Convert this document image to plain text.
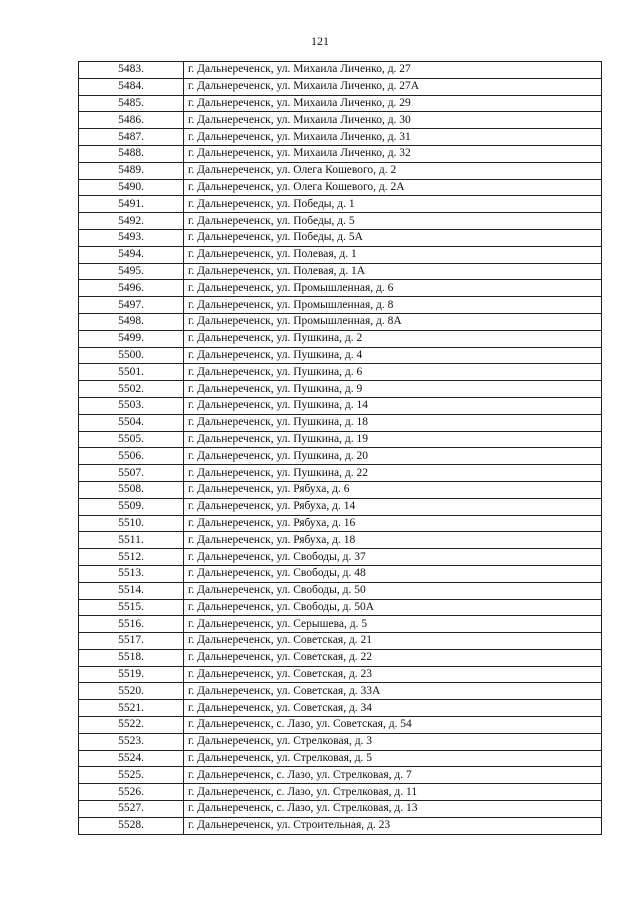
121
5483.	г. Дальнереченск, ул. Михаила Личенко, д. 27
5484.	г. Дальнереченск, ул. Михаила Личенко, д. 27А
5485.	г. Дальнереченск, ул. Михаила Личенко, д. 29
5486.	г. Дальнереченск, ул. Михаила Личенко, д. 30
5487.	г. Дальнереченск, ул. Михаила Личенко, д. 31
5488.	г. Дальнереченск, ул. Михаила Личенко, д. 32
5489.	г. Дальнереченск, ул. Олега Кошевого, д. 2
5490.	г. Дальнереченск, ул. Олега Кошевого, д. 2А
5491.	г. Дальнереченск, ул. Победы, д. 1
5492.	г. Дальнереченск, ул. Победы, д. 5
5493.	г. Дальнереченск, ул. Победы, д. 5А
5494.	г. Дальнереченск, ул. Полевая, д. 1
5495.	г. Дальнереченск, ул. Полевая, д. 1А
5496.	г. Дальнереченск, ул. Промышленная, д. 6
5497.	г. Дальнереченск, ул. Промышленная, д. 8
5498.	г. Дальнереченск, ул. Промышленная, д. 8А
5499.	г. Дальнереченск, ул. Пушкина, д. 2
5500.	г. Дальнереченск, ул. Пушкина, д. 4
5501.	г. Дальнереченск, ул. Пушкина, д. 6
5502.	г. Дальнереченск, ул. Пушкина, д. 9
5503.	г. Дальнереченск, ул. Пушкина, д. 14
5504.	г. Дальнереченск, ул. Пушкина, д. 18
5505.	г. Дальнереченск, ул. Пушкина, д. 19
5506.	г. Дальнереченск, ул. Пушкина, д. 20
5507.	г. Дальнереченск, ул. Пушкина, д. 22
5508.	г. Дальнереченск, ул. Рябуха, д. 6
5509.	г. Дальнереченск, ул. Рябуха, д. 14
5510.	г. Дальнереченск, ул. Рябуха, д. 16
5511.	г. Дальнереченск, ул. Рябуха, д. 18
5512.	г. Дальнереченск, ул. Свободы, д. 37
5513.	г. Дальнереченск, ул. Свободы, д. 48
5514.	г. Дальнереченск, ул. Свободы, д. 50
5515.	г. Дальнереченск, ул. Свободы, д. 50А
5516.	г. Дальнереченск, ул. Серышева, д. 5
5517.	г. Дальнереченск, ул. Советская, д. 21
5518.	г. Дальнереченск, ул. Советская, д. 22
5519.	г. Дальнереченск, ул. Советская, д. 23
5520.	г. Дальнереченск, ул. Советская, д. 33А
5521.	г. Дальнереченск, ул. Советская, д. 34
5522.	г. Дальнереченск, с. Лазо, ул. Советская, д. 54
5523.	г. Дальнереченск, ул. Стрелковая, д. 3
5524.	г. Дальнереченск, ул. Стрелковая, д. 5
5525.	г. Дальнереченск, с. Лазо, ул. Стрелковая, д. 7
5526.	г. Дальнереченск, с. Лазо, ул. Стрелковая, д. 11
5527.	г. Дальнереченск, с. Лазо, ул. Стрелковая, д. 13
5528.	г. Дальнереченск, ул. Строительная, д. 23
